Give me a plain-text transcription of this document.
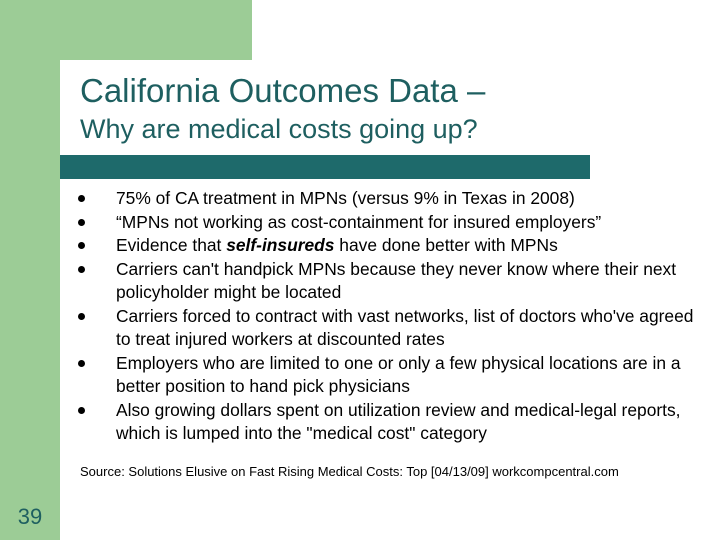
California Outcomes Data –
Why are medical costs going up?
75% of CA treatment in MPNs (versus 9% in Texas in 2008)
“MPNs not working as cost-containment for insured employers”
Evidence that self-insureds have done better with MPNs
Carriers can't handpick MPNs because they never know where their next policyholder might be located
Carriers forced to contract with vast networks, list of doctors who've agreed to treat injured workers at discounted rates
Employers who are limited to one or only a few physical locations are in a better position to hand pick physicians
Also growing dollars spent on utilization review and medical-legal reports, which is lumped into the "medical cost" category

Source: Solutions Elusive on Fast Rising Medical Costs: Top [04/13/09] workcompcentral.com

39
